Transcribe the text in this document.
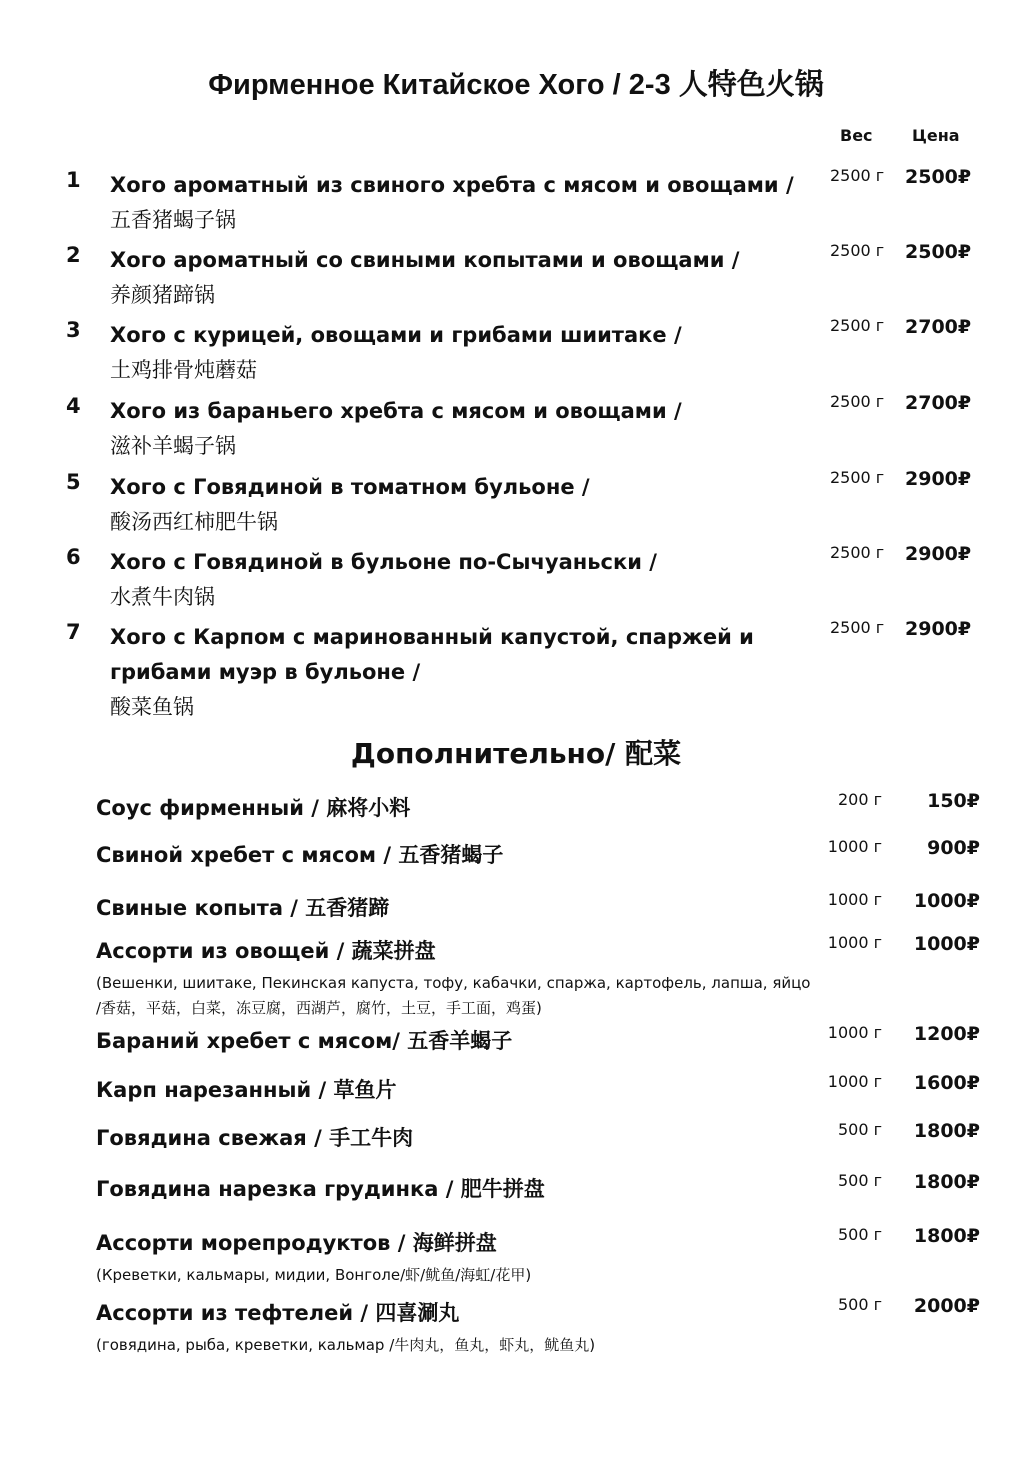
Фирменное Китайское Хого / 2-3 人特色火锅
Вес Цена
1 Хого ароматный из свиного хребта с мясом и овощами /
五香猪蝎子锅
2500 г 2500₽
2 Хого ароматный со свиными копытами и овощами /
养颜猪蹄锅
2500 г 2500₽
3 Хого с курицей, овощами и грибами шиитаке /
土鸡排骨炖蘑菇
2500 г 2700₽
4 Хого из бараньего хребта с мясом и овощами /
滋补羊蝎子锅
2500 г 2700₽
5 Хого с Говядиной в томатном бульоне /
酸汤西红柿肥牛锅
2500 г 2900₽
6 Хого с Говядиной в бульоне по-Сычуаньски /
水煮牛肉锅
2500 г 2900₽
7 Хого с Карпом с маринованный капустой, спаржей и грибами муэр в бульоне /
酸菜鱼锅
2500 г 2900₽
Дополнительно/ 配菜
Соус фирменный / 麻将小料	200 г	150₽
Свиной хребет с мясом / 五香猪蝎子	1000 г	900₽
Свиные копыта / 五香猪蹄	1000 г	1000₽
Ассорти из овощей / 蔬菜拼盘
(Вешенки, шиитаке, Пекинская капуста, тофу, кабачки, спаржа, картофель, лапша, яйцо /香菇，平菇，白菜，冻豆腐，西湖芦，腐竹，土豆，手工面，鸡蛋)
1000 г	1000₽
Бараний хребет с мясом/ 五香羊蝎子	1000 г	1200₽
Карп нарезанный / 草鱼片	1000 г	1600₽
Говядина свежая / 手工牛肉	500 г	1800₽
Говядина нарезка грудинка / 肥牛拼盘	500 г	1800₽
Ассорти морепродуктов / 海鲜拼盘
(Креветки, кальмары, мидии, Вонголе/虾/鱿鱼/海虹/花甲)
500 г	1800₽
Ассорти из тефтелей / 四喜涮丸
(говядина, рыба, креветки, кальмар /牛肉丸，鱼丸，虾丸，鱿鱼丸)
500 г	2000₽
